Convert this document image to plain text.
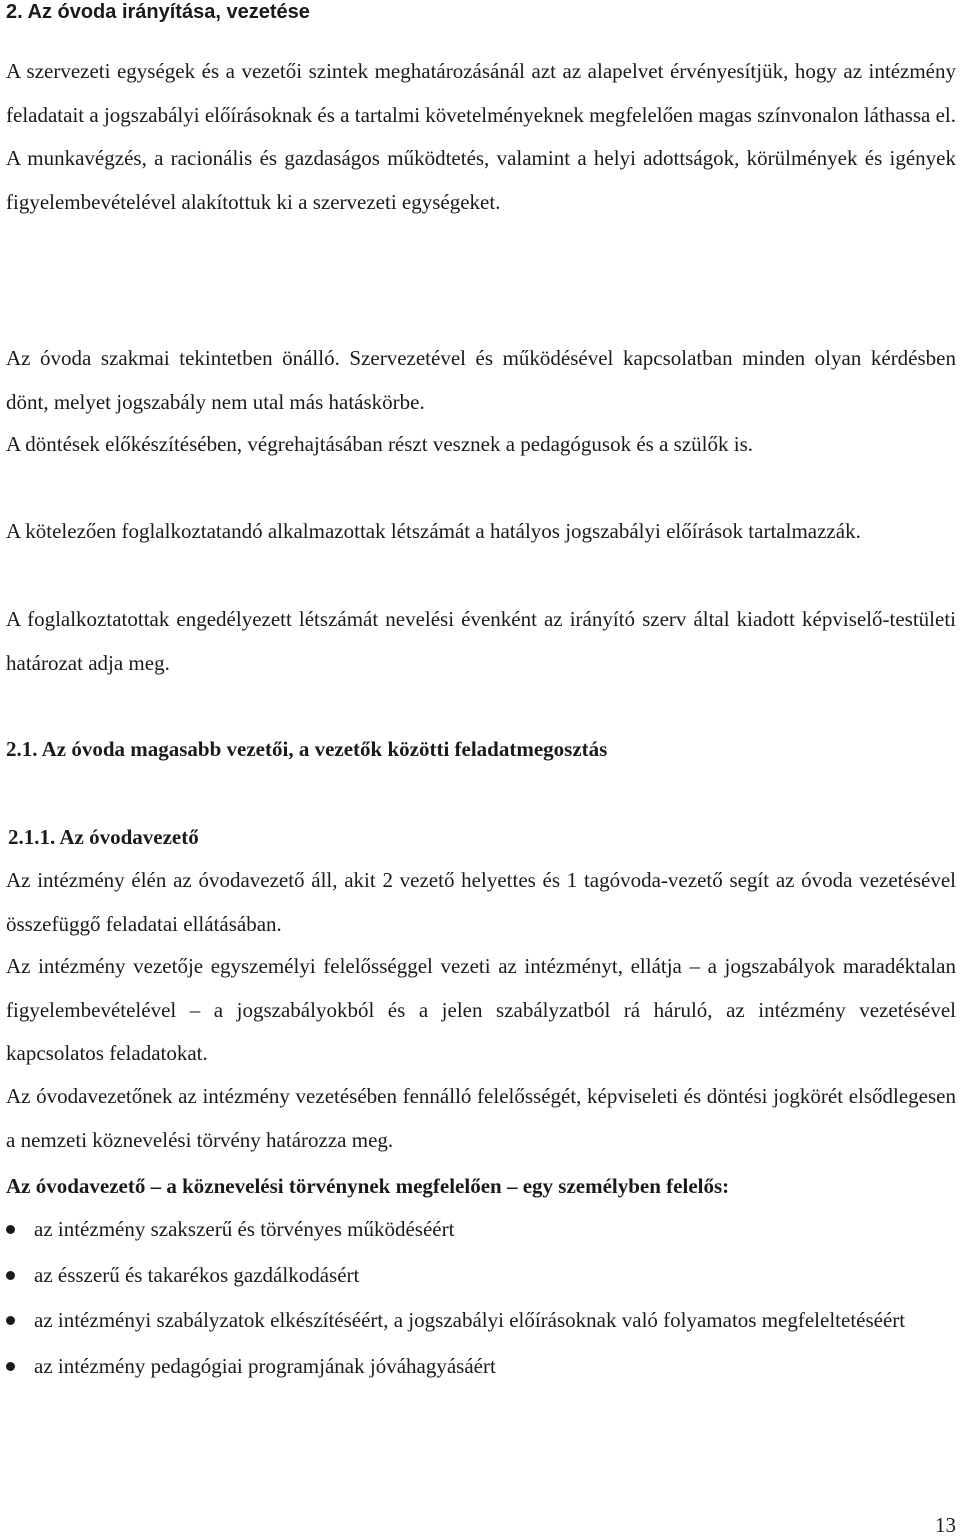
2. Az óvoda irányítása, vezetése

A szervezeti egységek és a vezetői szintek meghatározásánál azt az alapelvet érvényesítjük, hogy az intézmény feladatait a jogszabályi előírásoknak és a tartalmi követelményeknek megfelelően magas színvonalon láthassa el. A munkavégzés, a racionális és gazdaságos működtetés, valamint a helyi adottságok, körülmények és igények figyelembevételével alakítottuk ki a szervezeti egységeket.

Az óvoda szakmai tekintetben önálló. Szervezetével és működésével kapcsolatban minden olyan kérdésben dönt, melyet jogszabály nem utal más hatáskörbe.

A döntések előkészítésében, végrehajtásában részt vesznek a pedagógusok és a szülők is.

A kötelezően foglalkoztatandó alkalmazottak létszámát a hatályos jogszabályi előírások tartalmazzák.

A foglalkoztatottak engedélyezett létszámát nevelési évenként az irányító szerv által kiadott képviselő-testületi határozat adja meg.

2.1. Az óvoda magasabb vezetői, a vezetők közötti feladatmegosztás
2.1.1. Az óvodavezető

Az intézmény élén az óvodavezető áll, akit 2 vezető helyettes és 1 tagóvoda-vezető segít az óvoda vezetésével összefüggő feladatai ellátásában.

Az intézmény vezetője egyszemélyi felelősséggel vezeti az intézményt, ellátja – a jogszabályok maradéktalan figyelembevételével – a jogszabályokból és a jelen szabályzatból rá háruló, az intézmény vezetésével kapcsolatos feladatokat.

Az óvodavezetőnek az intézmény vezetésében fennálló felelősségét, képviseleti és döntési jogkörét elsődlegesen a nemzeti köznevelési törvény határozza meg.

Az óvodavezető – a köznevelési törvénynek megfelelően – egy személyben felelős:
az intézmény szakszerű és törvényes működéséért
az ésszerű és takarékos gazdálkodásért
az intézményi szabályzatok elkészítéséért, a jogszabályi előírásoknak való folyamatos megfeleltetéséért
az intézmény pedagógiai programjának jóváhagyásáért
13
